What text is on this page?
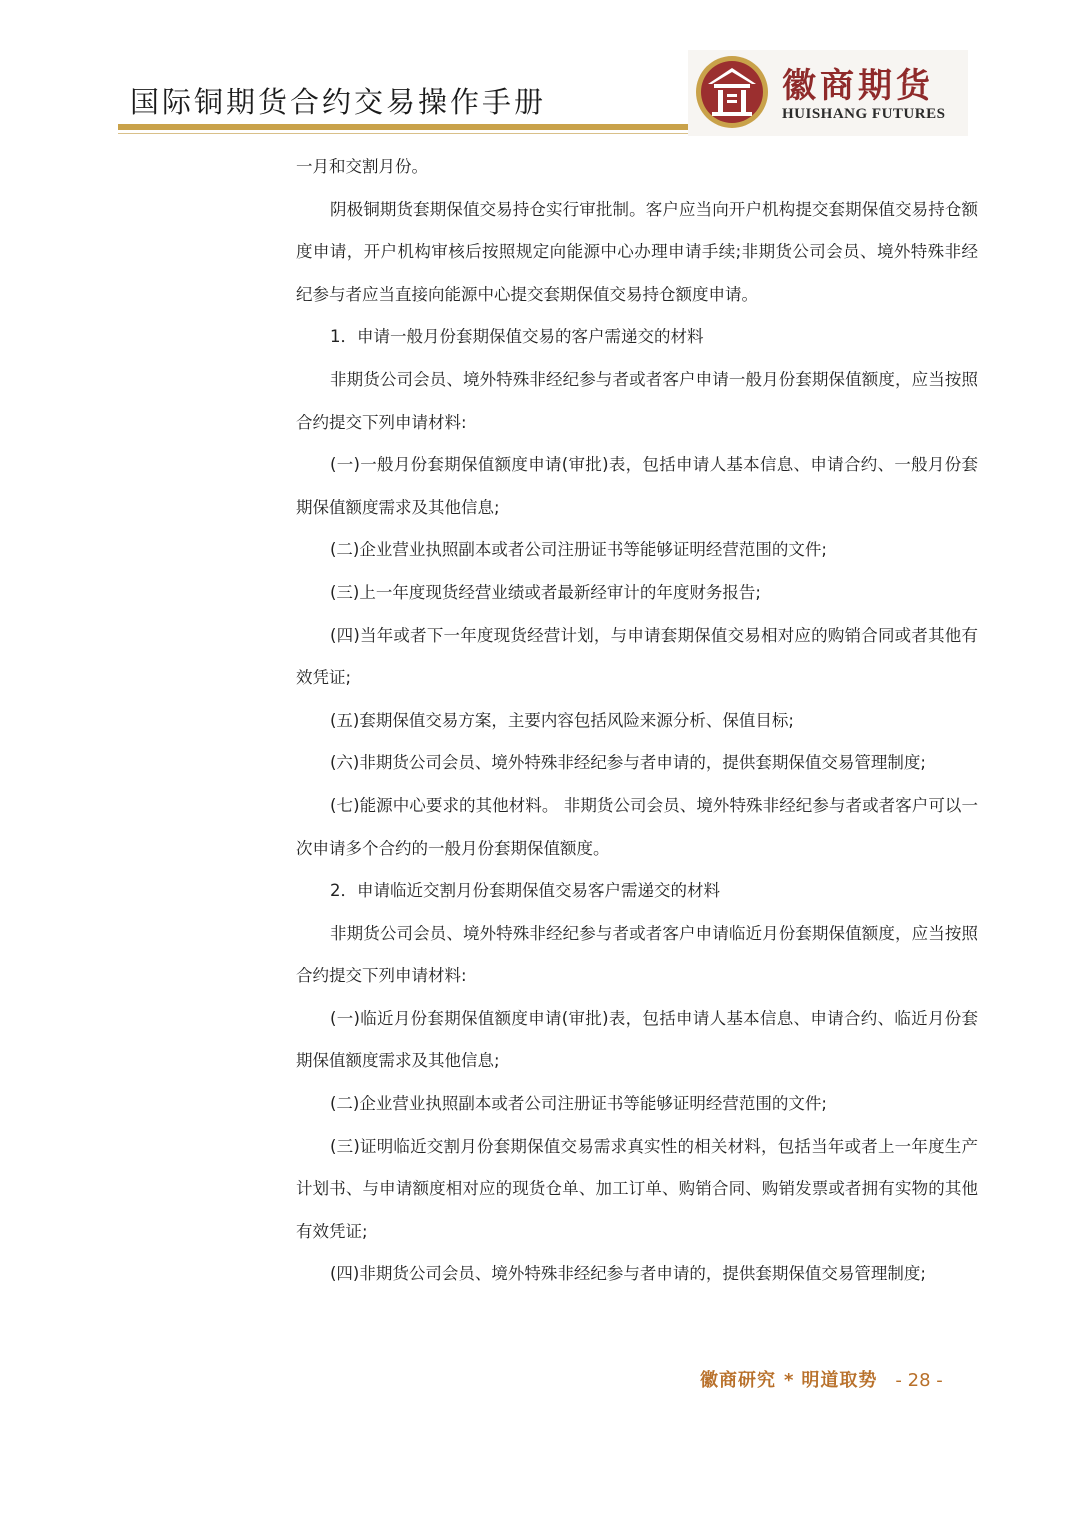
国际铜期货合约交易操作手册	徽商期货
HUISHANG FUTURES

一月和交割月份。

阴极铜期货套期保值交易持仓实行审批制。客户应当向开户机构提交套期保值交易持仓额度申请，开户机构审核后按照规定向能源中心办理申请手续;非期货公司会员、境外特殊非经纪参与者应当直接向能源中心提交套期保值交易持仓额度申请。

1．申请一般月份套期保值交易的客户需递交的材料

非期货公司会员、境外特殊非经纪参与者或者客户申请一般月份套期保值额度，应当按照合约提交下列申请材料:

(一)一般月份套期保值额度申请(审批)表，包括申请人基本信息、申请合约、一般月份套期保值额度需求及其他信息;

(二)企业营业执照副本或者公司注册证书等能够证明经营范围的文件;

(三)上一年度现货经营业绩或者最新经审计的年度财务报告;

(四)当年或者下一年度现货经营计划，与申请套期保值交易相对应的购销合同或者其他有效凭证;

(五)套期保值交易方案，主要内容包括风险来源分析、保值目标;

(六)非期货公司会员、境外特殊非经纪参与者申请的，提供套期保值交易管理制度;

(七)能源中心要求的其他材料。 非期货公司会员、境外特殊非经纪参与者或者客户可以一次申请多个合约的一般月份套期保值额度。

2．申请临近交割月份套期保值交易客户需递交的材料

非期货公司会员、境外特殊非经纪参与者或者客户申请临近月份套期保值额度，应当按照合约提交下列申请材料:

(一)临近月份套期保值额度申请(审批)表，包括申请人基本信息、申请合约、临近月份套期保值额度需求及其他信息;

(二)企业营业执照副本或者公司注册证书等能够证明经营范围的文件;

(三)证明临近交割月份套期保值交易需求真实性的相关材料，包括当年或者上一年度生产计划书、与申请额度相对应的现货仓单、加工订单、购销合同、购销发票或者拥有实物的其他有效凭证;

(四)非期货公司会员、境外特殊非经纪参与者申请的，提供套期保值交易管理制度;

徽商研究 * 明道取势 - 28 -
